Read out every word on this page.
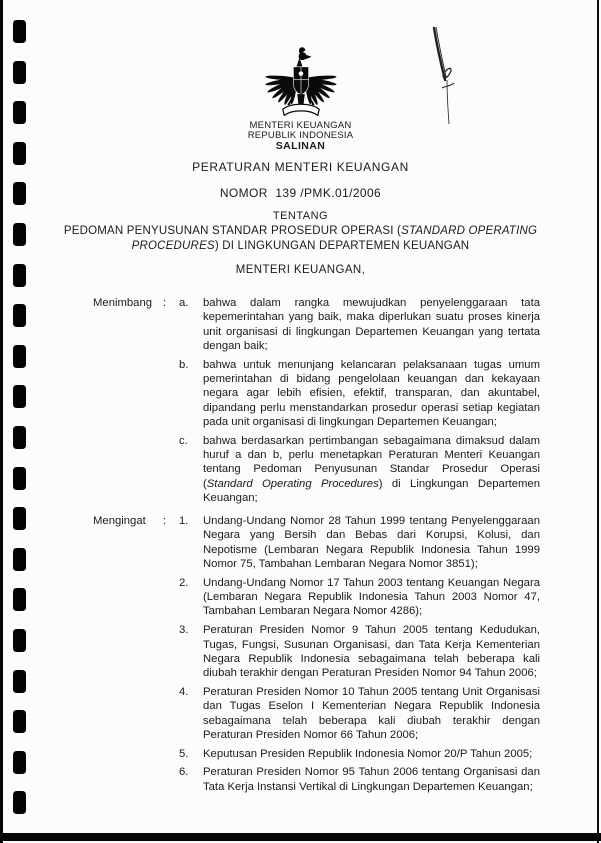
MENTERI KEUANGAN
REPUBLIK INDONESIA
SALINAN
PERATURAN MENTERI KEUANGAN
NOMOR  139 /PMK.01/2006
TENTANG
PEDOMAN PENYUSUNAN STANDAR PROSEDUR OPERASI (STANDARD OPERATING PROCEDURES) DI LINGKUNGAN DEPARTEMEN KEUANGAN
MENTERI KEUANGAN,
Menimbang :	a.	bahwa dalam rangka mewujudkan penyelenggaraan tata kepemerintahan yang baik, maka diperlukan suatu proses kinerja unit organisasi di lingkungan Departemen Keuangan yang tertata dengan baik;

b.	bahwa untuk menunjang kelancaran pelaksanaan tugas umum pemerintahan di bidang pengelolaan keuangan dan kekayaan negara agar lebih efisien, efektif, transparan, dan akuntabel, dipandang perlu menstandarkan prosedur operasi setiap kegiatan pada unit organisasi di lingkungan Departemen Keuangan;

c.	bahwa berdasarkan pertimbangan sebagaimana dimaksud dalam huruf a dan b, perlu menetapkan Peraturan Menteri Keuangan tentang Pedoman Penyusunan Standar Prosedur Operasi (Standard Operating Procedures) di Lingkungan Departemen Keuangan;

Mengingat	:	1.	Undang-Undang Nomor 28 Tahun 1999 tentang Penyelenggaraan Negara yang Bersih dan Bebas dari Korupsi, Kolusi, dan Nepotisme (Lembaran Negara Republik Indonesia Tahun 1999 Nomor 75, Tambahan Lembaran Negara Nomor 3851);

2.	Undang-Undang Nomor 17 Tahun 2003 tentang Keuangan Negara (Lembaran Negara Republik Indonesia Tahun 2003 Nomor 47, Tambahan Lembaran Negara Nomor 4286);

3.	Peraturan Presiden Nomor 9 Tahun 2005 tentang Kedudukan, Tugas, Fungsi, Susunan Organisasi, dan Tata Kerja Kementerian Negara Republik Indonesia sebagaimana telah beberapa kali diubah terakhir dengan Peraturan Presiden Nomor 94 Tahun 2006;

4.	Peraturan Presiden Nomor 10 Tahun 2005 tentang Unit Organisasi dan Tugas Eselon I Kementerian Negara Republik Indonesia sebagaimana telah beberapa kali diubah terakhir dengan Peraturan Presiden Nomor 66 Tahun 2006;

5.	Keputusan Presiden Republik Indonesia Nomor 20/P Tahun 2005;

6.	Peraturan Presiden Nomor 95 Tahun 2006 tentang Organisasi dan Tata Kerja Instansi Vertikal di Lingkungan Departemen Keuangan;
